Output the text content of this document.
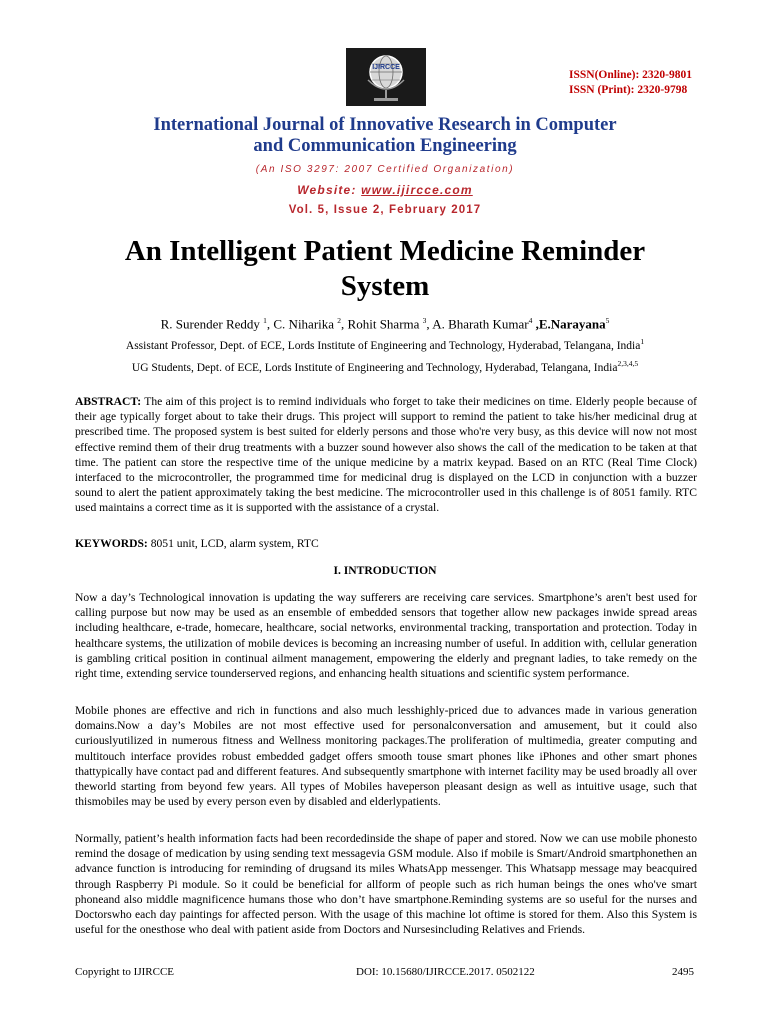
IJIRCCE
ISSN(Online): 2320-9801
ISSN (Print): 2320-9798
International Journal of Innovative Research in Computer
and Communication Engineering
(An ISO 3297: 2007 Certified Organization)
Website: www.ijircce.com
Vol. 5, Issue 2, February 2017
An Intelligent Patient Medicine Reminder
System
R. Surender Reddy $^1$, C. Niharika $^2$, Rohit Sharma $^3$, A. Bharath Kumar$^4$ ,E.Narayana$^5$
Assistant Professor, Dept. of ECE, Lords Institute of Engineering and Technology, Hyderabad, Telangana, India$^1$
UG Students, Dept. of ECE, Lords Institute of Engineering and Technology, Hyderabad, Telangana, India$^{2,3,4,5}$
ABSTRACT: The aim of this project is to remind individuals who forget to take their medicines on time. Elderly people because of their age typically forget about to take their drugs. This project will support to remind the patient to take his/her medicinal drug at prescribed time. The proposed system is best suited for elderly persons and those who're very busy, as this device will now not most effective remind them of their drug treatments with a buzzer sound however also shows the call of the medication to be taken at that time. The patient can store the respective time of the unique medicine by a matrix keypad. Based on an RTC (Real Time Clock) interfaced to the microcontroller, the programmed time for medicinal drug is displayed on the LCD in conjunction with a buzzer sound to alert the patient approximately taking the best medicine. The microcontroller used in this challenge is of 8051 family. RTC used maintains a correct time as it is supported with the assistance of a crystal.
KEYWORDS: 8051 unit, LCD, alarm system, RTC
I. INTRODUCTION
Now a day’s Technological innovation is updating the way sufferers are receiving care services. Smartphone’s aren't best used for calling purpose but now may be used as an ensemble of embedded sensors that together allow new packages inwide spread areas including healthcare, e-trade, homecare, healthcare, social networks, environmental tracking, transportation and protection. Today in healthcare systems, the utilization of mobile devices is becoming an increasing number of useful. In addition with, cellular generation is gambling critical position in continual ailment management, empowering the elderly and pregnant ladies, to take remedy on the right time, extending service tounderserved regions, and enhancing health situations and scientific system performance.
Mobile phones are effective and rich in functions and also much lesshighly-priced due to advances made in various generation domains.Now a day’s Mobiles are not most effective used for personalconversation and amusement, but it could also curiouslyutilized in numerous fitness and Wellness monitoring packages.The proliferation of multimedia, greater computing and multitouch interface provides robust embedded gadget offers smooth touse smart phones like iPhones and other smart phones thattypically have contact pad and different features. And subsequently smartphone with internet facility may be used broadly all over theworld starting from beyond few years. All types of Mobiles haveperson pleasant design as well as intuitive usage, such that thismobiles may be used by every person even by disabled and elderlypatients.
Normally, patient’s health information facts had been recordedinside the shape of paper and stored. Now we can use mobile phonesto remind the dosage of medication by using sending text messagevia GSM module. Also if mobile is Smart/Android smartphonethen an advance function is introducing for reminding of drugsand its miles WhatsApp messenger. This Whatsapp message may beacquired through Raspberry Pi module. So it could be beneficial for allform of people such as rich human beings the ones who've smart phoneand also middle magnificence humans those who don’t have smartphone.Reminding systems are so useful for the nurses and Doctorswho each day paintings for affected person. With the usage of this machine lot oftime is stored for them. Also this System is useful for the onesthose who deal with patient aside from Doctors and Nursesincluding Relatives and Friends.
Copyright to IJIRCCE	DOI: 10.15680/IJIRCCE.2017. 0502122	2495
